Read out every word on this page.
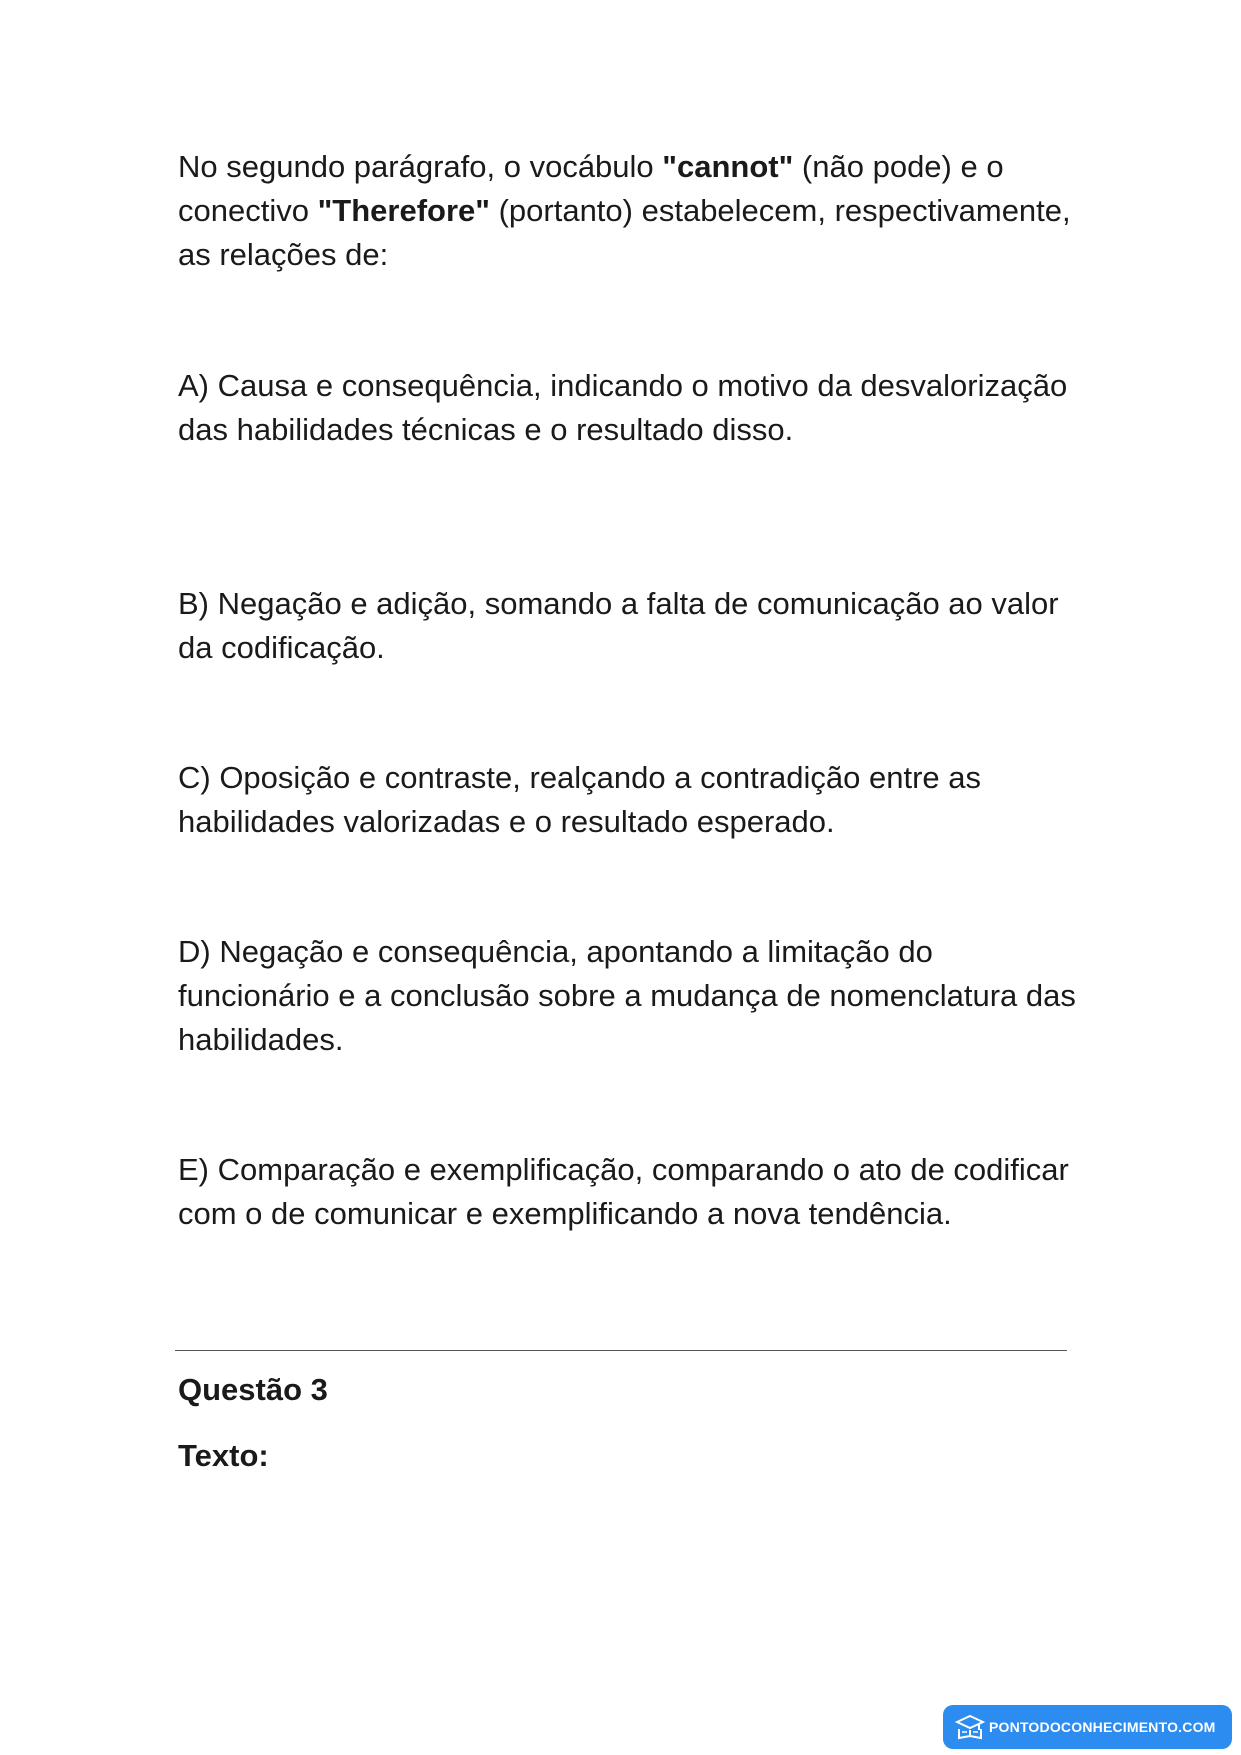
No segundo parágrafo, o vocábulo "cannot" (não pode) e o conectivo "Therefore" (portanto) estabelecem, respectivamente, as relações de:

A) Causa e consequência, indicando o motivo da desvalorização das habilidades técnicas e o resultado disso.

B) Negação e adição, somando a falta de comunicação ao valor da codificação.

C) Oposição e contraste, realçando a contradição entre as habilidades valorizadas e o resultado esperado.

D) Negação e consequência, apontando a limitação do funcionário e a conclusão sobre a mudança de nomenclatura das habilidades.

E) Comparação e exemplificação, comparando o ato de codificar com o de comunicar e exemplificando a nova tendência.

Questão 3
Texto:
PONTODOCONHECIMENTO.COM
